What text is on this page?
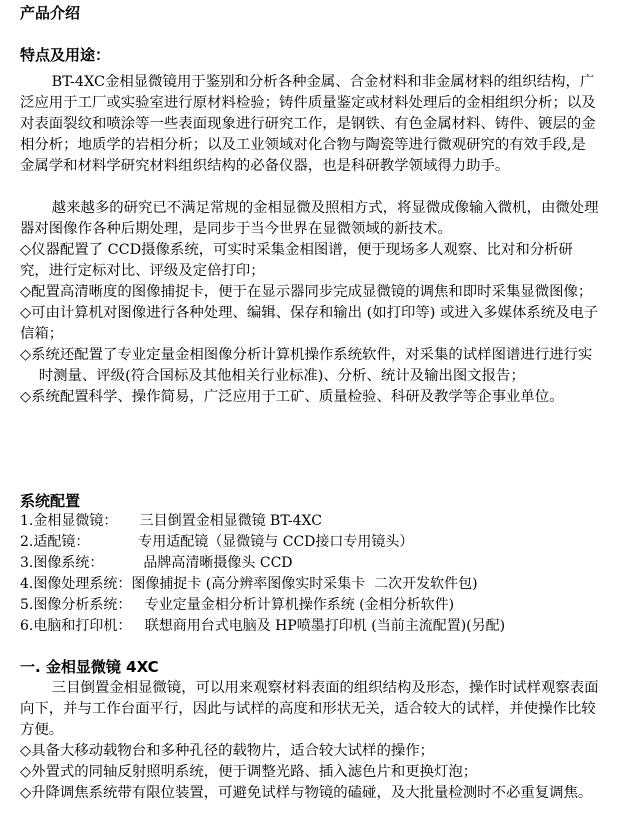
产品介绍
特点及用途：
BT-4XC金相显微镜用于鉴别和分析各种金属、合金材料和非金属材料的组织结构，广泛应用于工厂或实验室进行原材料检验；铸件质量鉴定或材料处理后的金相组织分析；以及对表面裂纹和喷涂等一些表面现象进行研究工作，是钢铁、有色金属材料、铸件、镀层的金相分析；地质学的岩相分析；以及工业领域对化合物与陶瓷等进行微观研究的有效手段,是金属学和材料学研究材料组织结构的必备仪器，也是科研教学领域得力助手。
越来越多的研究已不满足常规的金相显微及照相方式，将显微成像输入微机，由微处理器对图像作各种后期处理，是同步于当今世界在显微领域的新技术。
◇仪器配置了 CCD摄像系统，可实时采集金相图谱，便于现场多人观察、比对和分析研究，进行定标对比、评级及定倍打印；
◇配置高清晰度的图像捕捉卡，便于在显示器同步完成显微镜的调焦和即时采集显微图像；
◇可由计算机对图像进行各种处理、编辑、保存和输出 (如打印等) 或进入多媒体系统及电子信箱；
◇系统还配置了专业定量金相图像分析计算机操作系统软件，对采集的试样图谱进行进行实时测量、评级(符合国标及其他相关行业标准)、分析、统计及输出图文报告；
◇系统配置科学、操作简易，广泛应用于工矿、质量检验、科研及教学等企事业单位。
系统配置
1.金相显微镜：     三目倒置金相显微镜 BT-4XC
2.适配镜：           专用适配镜（显微镜与 CCD接口专用镜头）
3.图像系统：         品牌高清晰摄像头 CCD
4.图像处理系统：图像捕捉卡 (高分辨率图像实时采集卡  二次开发软件包)
5.图像分析系统：   专业定量金相分析计算机操作系统 (金相分析软件)
6.电脑和打印机：   联想商用台式电脑及 HP喷墨打印机 (当前主流配置)(另配)
一. 金相显微镜 4XC
三目倒置金相显微镜，可以用来观察材料表面的组织结构及形态，操作时试样观察表面向下，并与工作台面平行，因此与试样的高度和形状无关，适合较大的试样，并使操作比较方便。
◇具备大移动载物台和多种孔径的载物片，适合较大试样的操作；
◇外置式的同轴反射照明系统，便于调整光路、插入滤色片和更换灯泡；
◇升降调焦系统带有限位装置，可避免试样与物镜的磕碰，及大批量检测时不必重复调焦。
